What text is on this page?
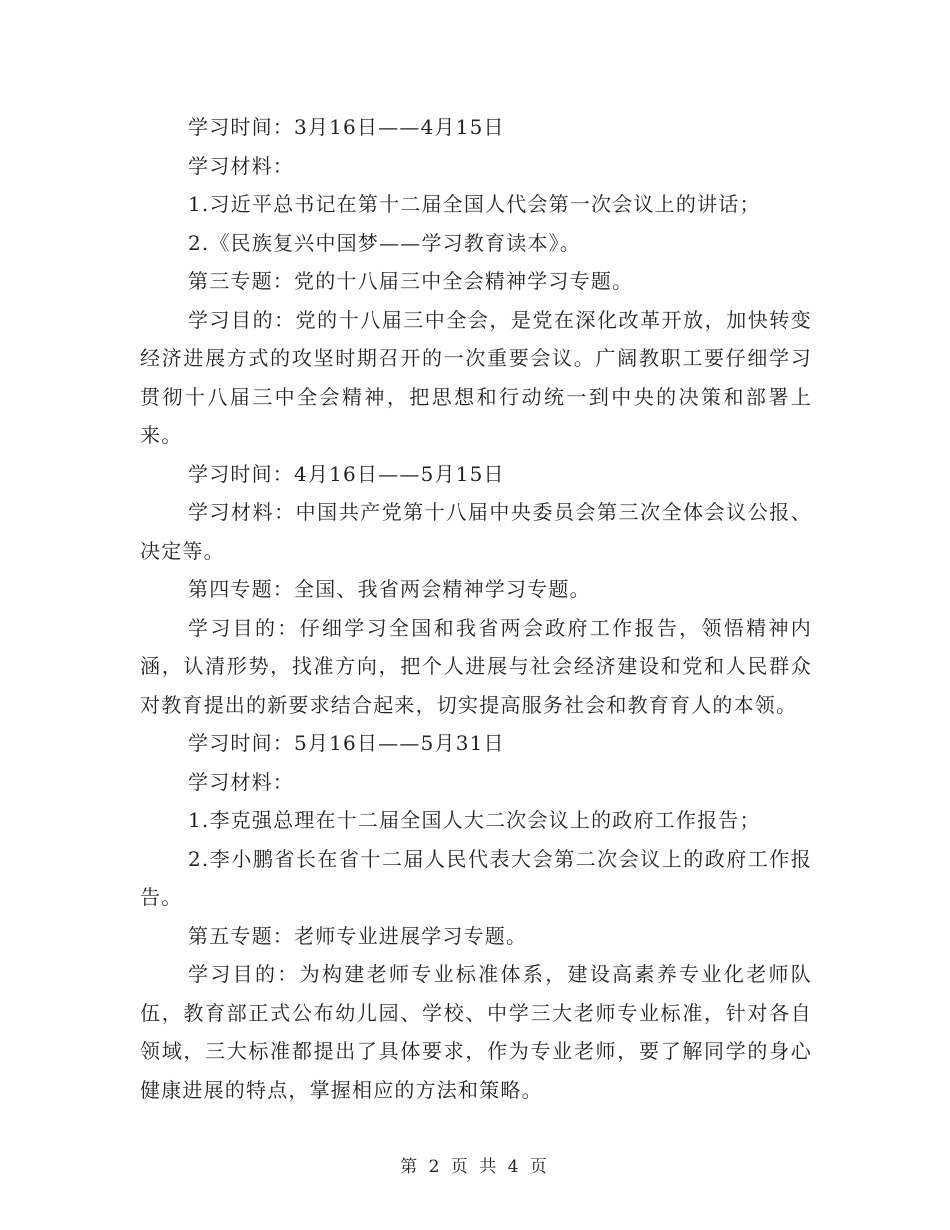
学习时间：3月16日——4月15日

学习材料：

1.习近平总书记在第十二届全国人代会第一次会议上的讲话；

2.《民族复兴中国梦——学习教育读本》。

第三专题：党的十八届三中全会精神学习专题。

学习目的：党的十八届三中全会，是党在深化改革开放，加快转变经济进展方式的攻坚时期召开的一次重要会议。广阔教职工要仔细学习贯彻十八届三中全会精神，把思想和行动统一到中央的决策和部署上来。

学习时间：4月16日——5月15日

学习材料：中国共产党第十八届中央委员会第三次全体会议公报、决定等。

第四专题：全国、我省两会精神学习专题。

学习目的：仔细学习全国和我省两会政府工作报告，领悟精神内涵，认清形势，找准方向，把个人进展与社会经济建设和党和人民群众对教育提出的新要求结合起来，切实提高服务社会和教育育人的本领。

学习时间：5月16日——5月31日

学习材料：

1.李克强总理在十二届全国人大二次会议上的政府工作报告；

2.李小鹏省长在省十二届人民代表大会第二次会议上的政府工作报告。

第五专题：老师专业进展学习专题。

学习目的：为构建老师专业标准体系，建设高素养专业化老师队伍，教育部正式公布幼儿园、学校、中学三大老师专业标准，针对各自领域，三大标准都提出了具体要求，作为专业老师，要了解同学的身心健康进展的特点，掌握相应的方法和策略。

第 2 页 共 4 页
